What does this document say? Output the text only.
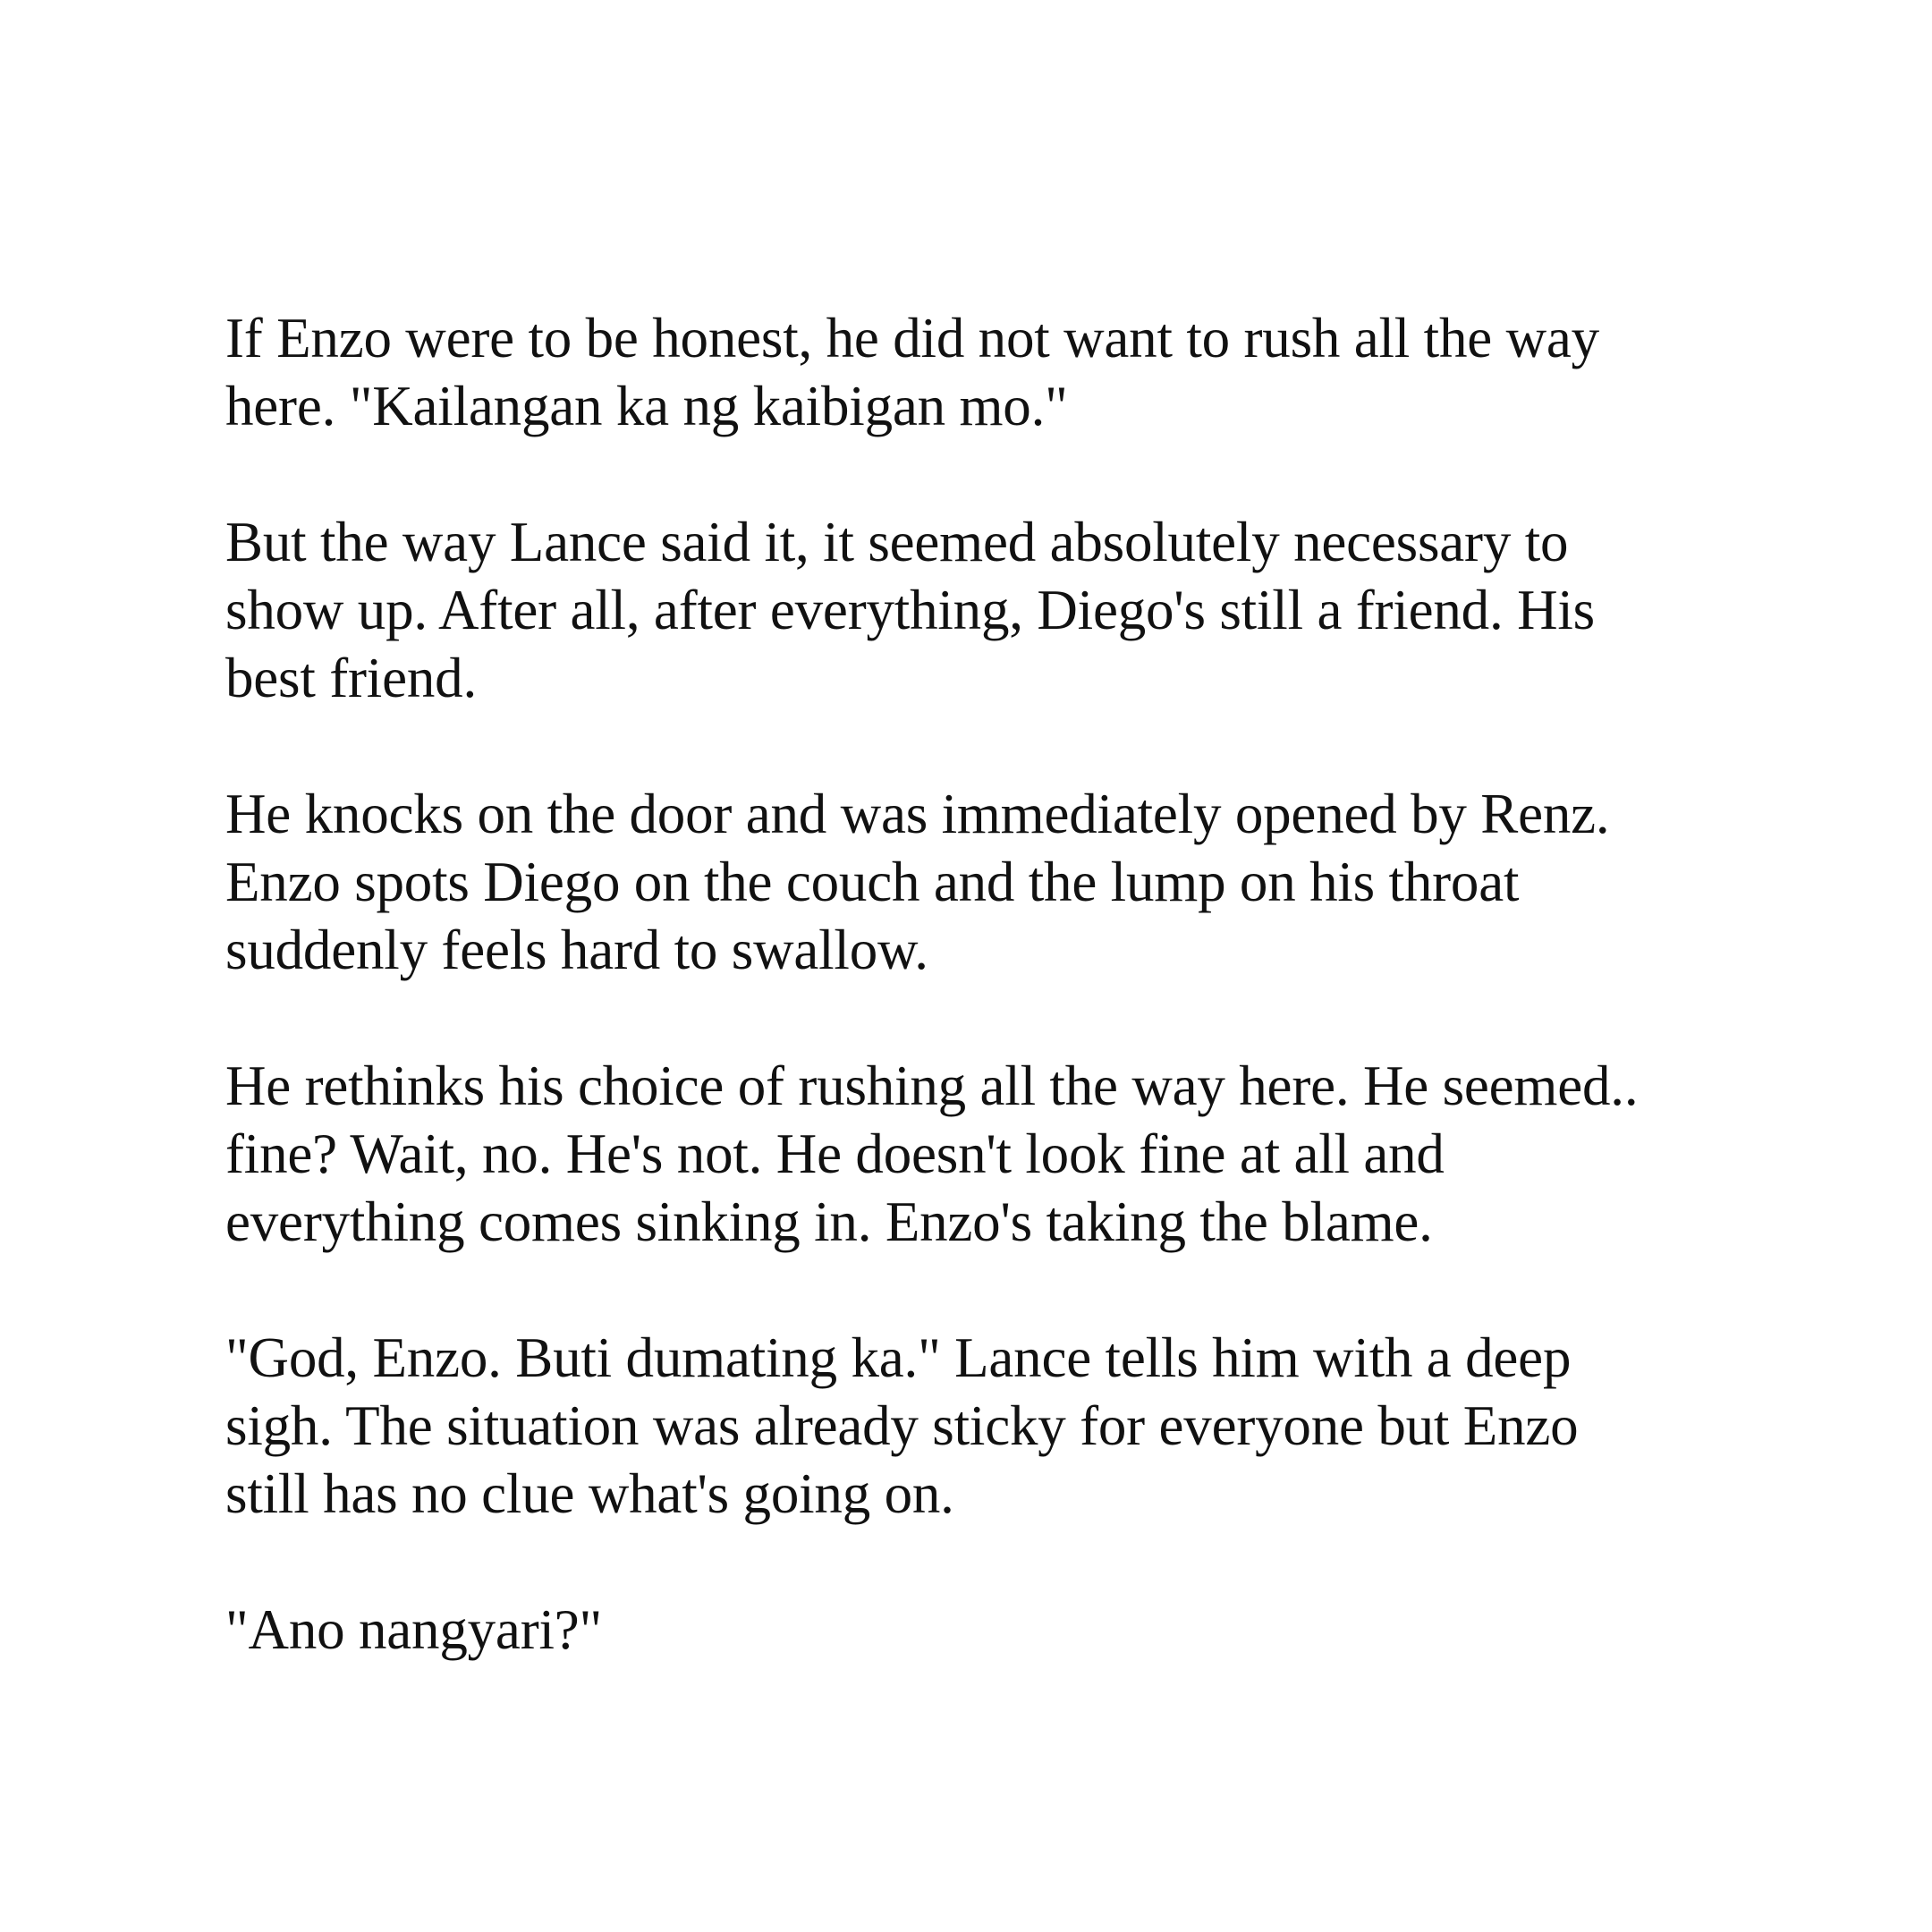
If Enzo were to be honest, he did not want to rush all the way
here. "Kailangan ka ng kaibigan mo."

But the way Lance said it, it seemed absolutely necessary to
show up. After all, after everything, Diego's still a friend. His
best friend.

He knocks on the door and was immediately opened by Renz.
Enzo spots Diego on the couch and the lump on his throat
suddenly feels hard to swallow.

He rethinks his choice of rushing all the way here. He seemed..
fine? Wait, no. He's not. He doesn't look fine at all and
everything comes sinking in. Enzo's taking the blame.

"God, Enzo. Buti dumating ka." Lance tells him with a deep
sigh. The situation was already sticky for everyone but Enzo
still has no clue what's going on.

"Ano nangyari?"
